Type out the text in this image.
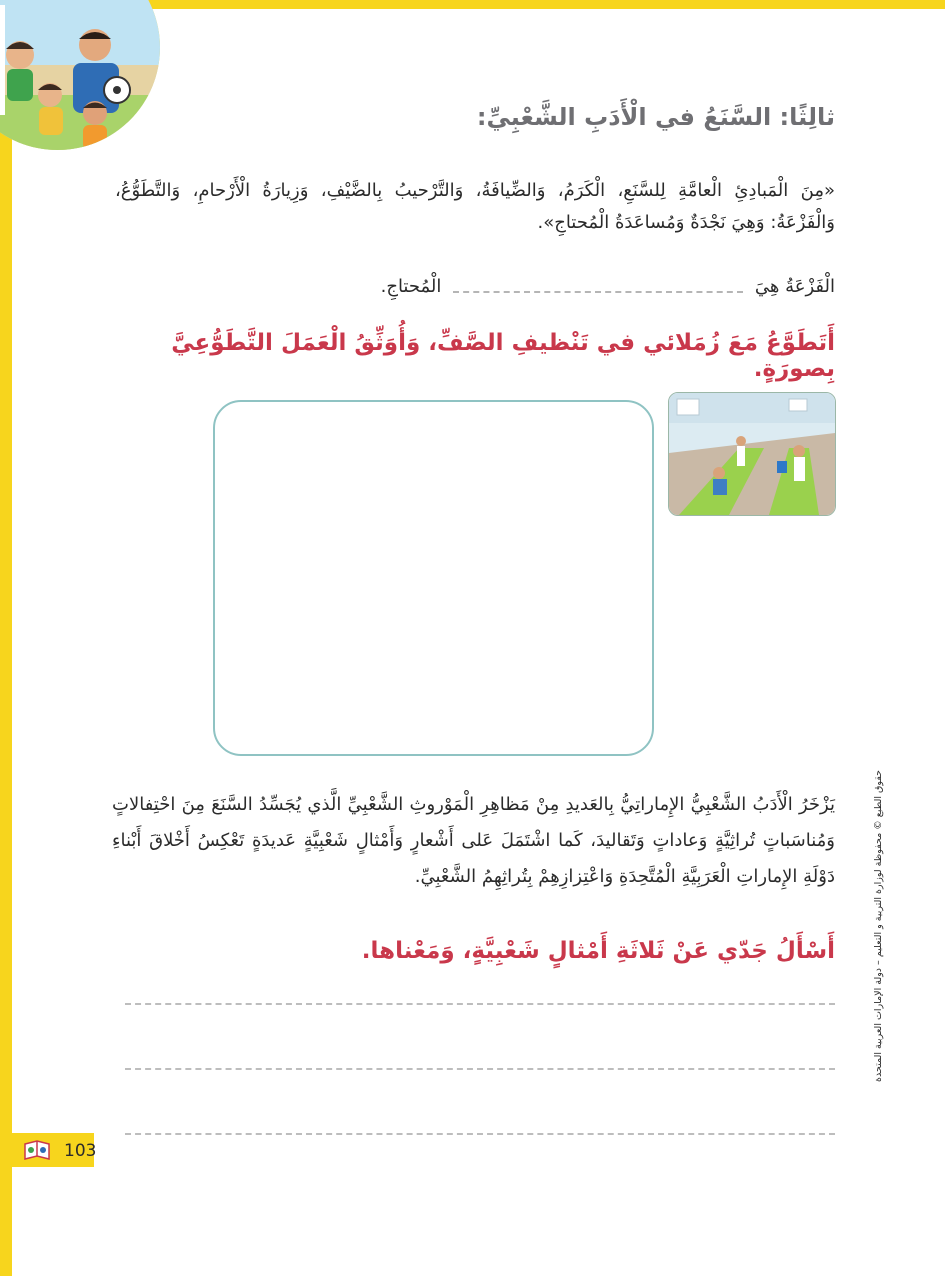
ثالِثًا: السَّنَعُ في الْأَدَبِ الشَّعْبِيِّ:
«مِنَ الْمَبادِئِ الْعامَّةِ لِلسَّنَعِ، الْكَرَمُ، وَالضِّيافَةُ، وَالتَّرْحيبُ بِالضَّيْفِ، وَزِيارَةُ الْأَرْحامِ، وَالتَّطَوُّعُ، وَالْفَزْعَةُ: وَهِيَ نَجْدَةٌ وَمُساعَدَةُ الْمُحتاجِ».
الْفَزْعَةُ هِيَ  الْمُحتاجِ.
أَتَطَوَّعُ مَعَ زُمَلائي في تَنْظيفِ الصَّفِّ، وَأُوَثِّقُ الْعَمَلَ التَّطَوُّعِيَّ بِصورَةٍ.
يَزْخَرُ الْأَدَبُ الشَّعْبِيُّ الإِماراتِيُّ بِالعَديدِ مِنْ مَظاهِرِ الْمَوْروثِ الشَّعْبِيِّ الَّذي يُجَسِّدُ السَّنَعَ مِنَ احْتِفالاتٍ وَمُناسَباتٍ تُراثِيَّةٍ وَعاداتٍ وَتَقاليدَ، كَما اشْتَمَلَ عَلى أَشْعارٍ وَأَمْثالٍ شَعْبِيَّةٍ عَديدَةٍ تَعْكِسُ أَخْلاقَ أَبْناءِ دَوْلَةِ الإِماراتِ الْعَرَبِيَّةِ الْمُتَّحِدَةِ وَاعْتِزازِهِمْ بِتُراثِهِمُ الشَّعْبِيِّ.
أَسْأَلُ جَدّي عَنْ ثَلاثَةِ أَمْثالٍ شَعْبِيَّةٍ، وَمَعْناها.	حقوق الطبع © محفوظة لوزارة التربية و التعليم – دولة الإمارات العربية المتحدة
103
